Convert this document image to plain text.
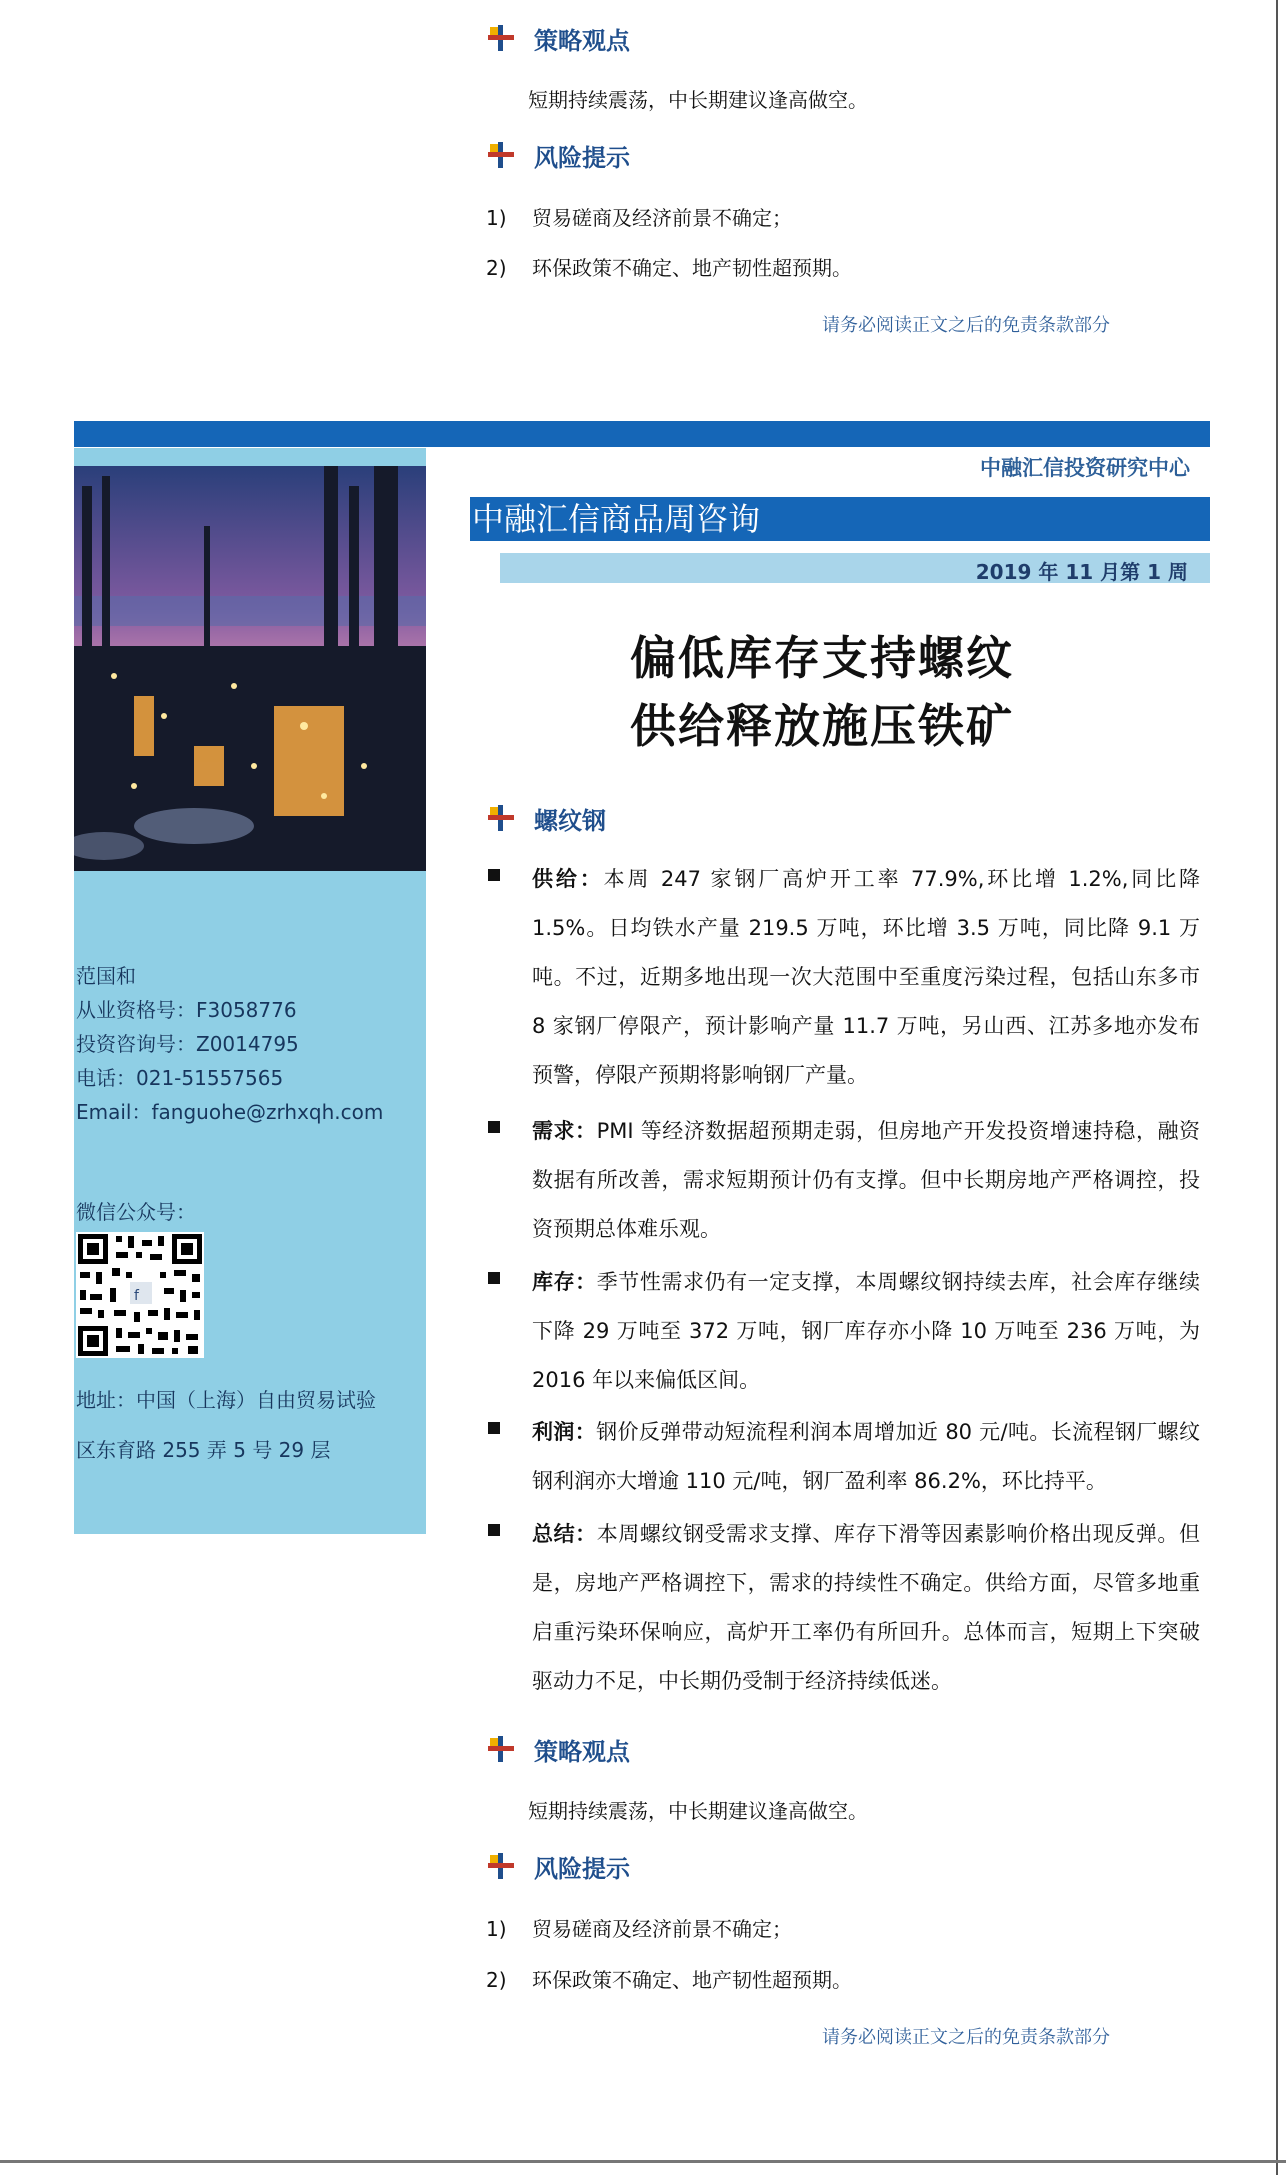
策略观点
短期持续震荡，中长期建议逢高做空。
风险提示
1) 贸易磋商及经济前景不确定；
2) 环保政策不确定、地产韧性超预期。
请务必阅读正文之后的免责条款部分
中融汇信投资研究中心
范国和
从业资格号：F3058776
投资咨询号：Z0014795
电话：021-51557565
Email：fanguohe@zrhxqh.com
微信公众号：
f
地址：中国（上海）自由贸易试验
区东育路 255 弄 5 号 29 层
中融汇信商品周咨询
2019 年 11 月第 1 周
偏低库存支持螺纹
供给释放施压铁矿
螺纹钢
供给：本周 247 家钢厂高炉开工率 77.9%,环比增 1.2%,同比降 1.5%。日均铁水产量 219.5 万吨，环比增 3.5 万吨，同比降 9.1 万吨。不过，近期多地出现一次大范围中至重度污染过程，包括山东多市 8 家钢厂停限产，预计影响产量 11.7 万吨，另山西、江苏多地亦发布预警，停限产预期将影响钢厂产量。
需求：PMI 等经济数据超预期走弱，但房地产开发投资增速持稳，融资数据有所改善，需求短期预计仍有支撑。但中长期房地产严格调控，投资预期总体难乐观。
库存：季节性需求仍有一定支撑，本周螺纹钢持续去库，社会库存继续下降 29 万吨至 372 万吨，钢厂库存亦小降 10 万吨至 236 万吨，为 2016 年以来偏低区间。
利润：钢价反弹带动短流程利润本周增加近 80 元/吨。长流程钢厂螺纹钢利润亦大增逾 110 元/吨，钢厂盈利率 86.2%，环比持平。
总结：本周螺纹钢受需求支撑、库存下滑等因素影响价格出现反弹。但是，房地产严格调控下，需求的持续性不确定。供给方面，尽管多地重启重污染环保响应，高炉开工率仍有所回升。总体而言，短期上下突破驱动力不足，中长期仍受制于经济持续低迷。
策略观点
短期持续震荡，中长期建议逢高做空。
风险提示
1) 贸易磋商及经济前景不确定；
2) 环保政策不确定、地产韧性超预期。
请务必阅读正文之后的免责条款部分
